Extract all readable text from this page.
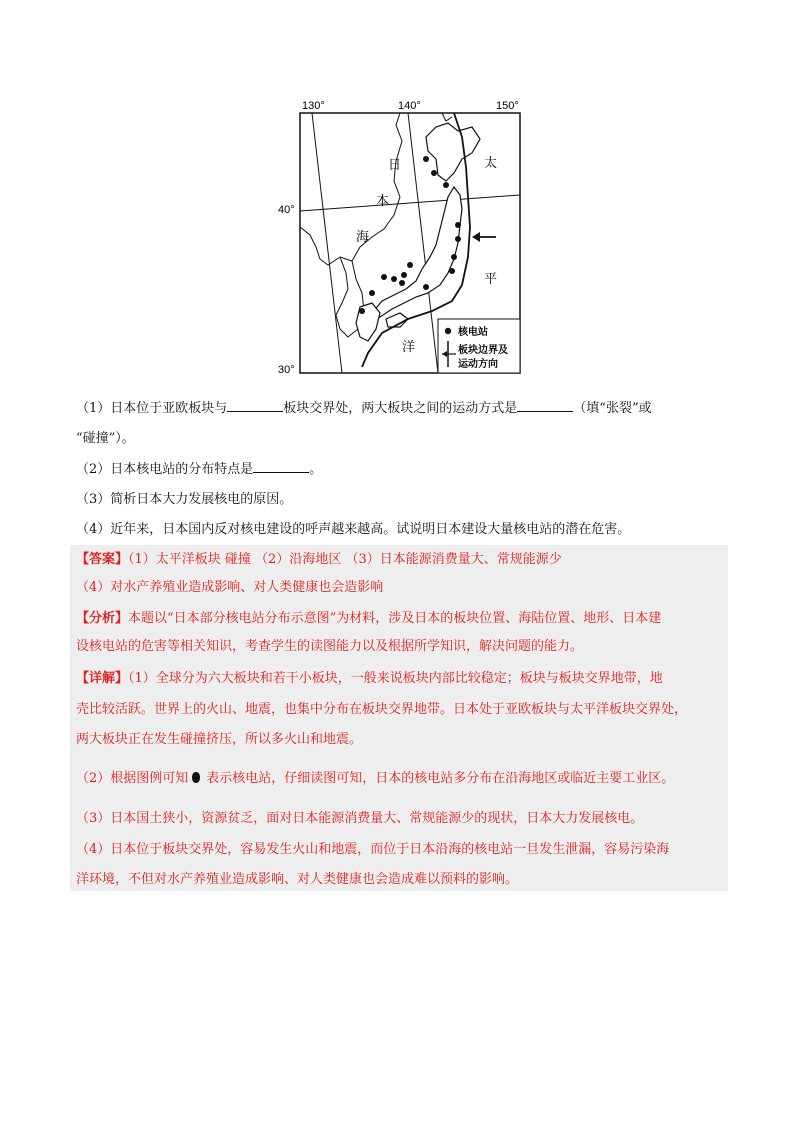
130°	140°	150°
40°
30°
日
本
海
太
平
洋
核电站
板块边界及
运动方向
（1）日本位于亚欧板块与	板块交界处，两大板块之间的运动方式是	（填“张裂”或
“碰撞”）。
（2）日本核电站的分布特点是	。
（3）简析日本大力发展核电的原因。
（4）近年来，日本国内反对核电建设的呼声越来越高。试说明日本建设大量核电站的潜在危害。
【答案】（1）太平洋板块 碰撞 （2）沿海地区 （3）日本能源消费量大、常规能源少
（4）对水产养殖业造成影响、对人类健康也会造影响
【分析】本题以“日本部分核电站分布示意图”为材料，涉及日本的板块位置、海陆位置、地形、日本建
设核电站的危害等相关知识，考查学生的读图能力以及根据所学知识，解决问题的能力。
【详解】（1）全球分为六大板块和若干小板块，一般来说板块内部比较稳定；板块与板块交界地带，地
壳比较活跃。世界上的火山、地震，也集中分布在板块交界地带。日本处于亚欧板块与太平洋板块交界处，
两大板块正在发生碰撞挤压，所以多火山和地震。
（2）根据图例可知 表示核电站，仔细读图可知，日本的核电站多分布在沿海地区或临近主要工业区。
（3）日本国土狭小，资源贫乏，面对日本能源消费量大、常规能源少的现状，日本大力发展核电。
（4）日本位于板块交界处，容易发生火山和地震，而位于日本沿海的核电站一旦发生泄漏，容易污染海
洋环境，不但对水产养殖业造成影响、对人类健康也会造成难以预料的影响。
